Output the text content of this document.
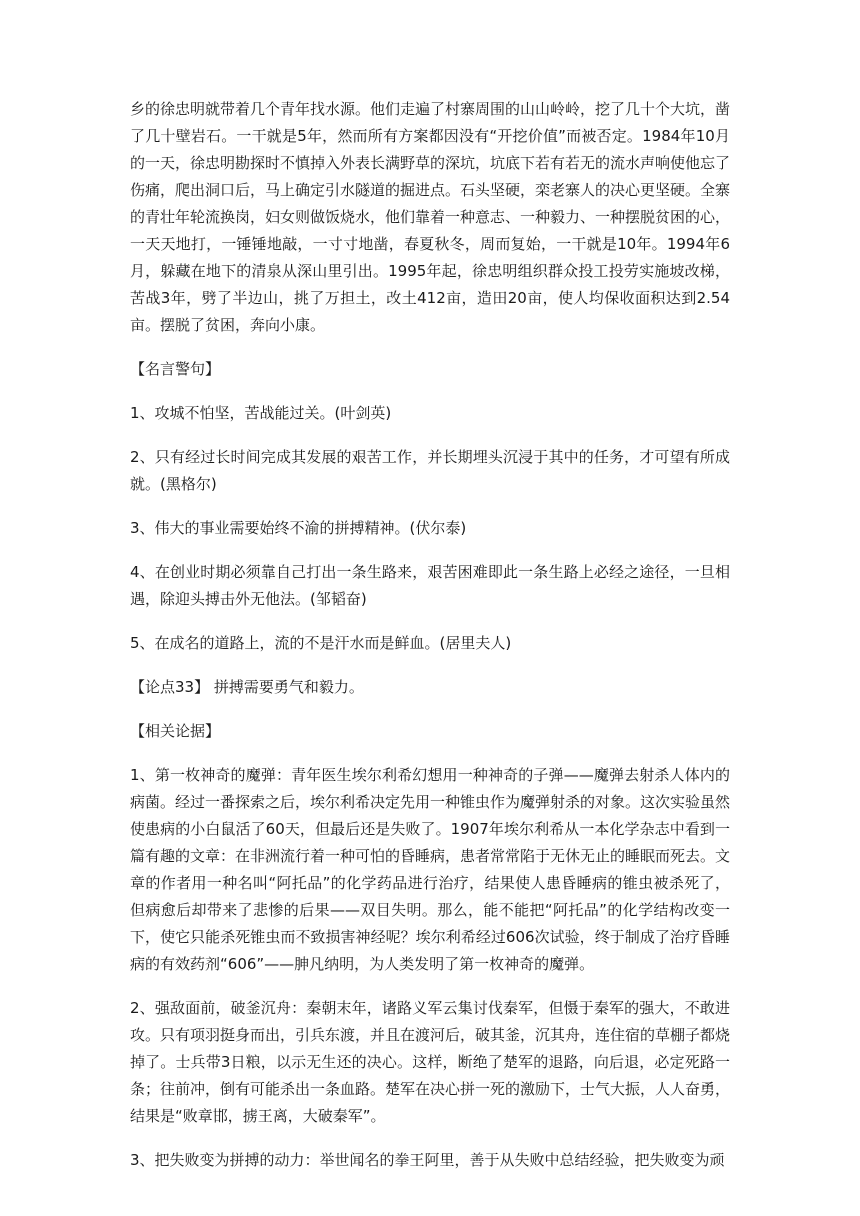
乡的徐忠明就带着几个青年找水源。他们走遍了村寨周围的山山岭岭，挖了几十个大坑，凿了几十壁岩石。一干就是5年，然而所有方案都因没有“开挖价值”而被否定。1984年10月的一天，徐忠明勘探时不慎掉入外表长满野草的深坑，坑底下若有若无的流水声响使他忘了伤痛，爬出洞口后，马上确定引水隧道的掘进点。石头坚硬，栾老寨人的决心更坚硬。全寨的青壮年轮流换岗，妇女则做饭烧水，他们靠着一种意志、一种毅力、一种摆脱贫困的心，一天天地打，一锤锤地敲，一寸寸地凿，春夏秋冬，周而复始，一干就是10年。1994年6月，躲藏在地下的清泉从深山里引出。1995年起，徐忠明组织群众投工投劳实施坡改梯，苦战3年，劈了半边山，挑了万担土，改土412亩，造田20亩，使人均保收面积达到2.54亩。摆脱了贫困，奔向小康。

【名言警句】

1、攻城不怕坚，苦战能过关。(叶剑英)

2、只有经过长时间完成其发展的艰苦工作，并长期埋头沉浸于其中的任务，才可望有所成就。(黑格尔)

3、伟大的事业需要始终不渝的拼搏精神。(伏尔泰)

4、在创业时期必须靠自己打出一条生路来，艰苦困难即此一条生路上必经之途径，一旦相遇，除迎头搏击外无他法。(邹韬奋)

5、在成名的道路上，流的不是汗水而是鲜血。(居里夫人)

【论点33】 拼搏需要勇气和毅力。

【相关论据】

1、第一枚神奇的魔弹：青年医生埃尔利希幻想用一种神奇的子弹——魔弹去射杀人体内的病菌。经过一番探索之后，埃尔利希决定先用一种锥虫作为魔弹射杀的对象。这次实验虽然使患病的小白鼠活了60天，但最后还是失败了。1907年埃尔利希从一本化学杂志中看到一篇有趣的文章：在非洲流行着一种可怕的昏睡病，患者常常陷于无休无止的睡眠而死去。文章的作者用一种名叫“阿托品”的化学药品进行治疗，结果使人患昏睡病的锥虫被杀死了，但病愈后却带来了悲惨的后果——双目失明。那么，能不能把“阿托品”的化学结构改变一下，使它只能杀死锥虫而不致损害神经呢？埃尔利希经过606次试验，终于制成了治疗昏睡病的有效药剂“606”——胂凡纳明，为人类发明了第一枚神奇的魔弹。

2、强敌面前，破釜沉舟：秦朝末年，诸路义军云集讨伐秦军，但慑于秦军的强大，不敢进攻。只有项羽挺身而出，引兵东渡，并且在渡河后，破其釜，沉其舟，连住宿的草棚子都烧掉了。士兵带3日粮，以示无生还的决心。这样，断绝了楚军的退路，向后退，必定死路一条；往前冲，倒有可能杀出一条血路。楚军在决心拼一死的激励下，士气大振，人人奋勇，结果是“败章邯，掳王离，大破秦军”。

3、把失败变为拼搏的动力：举世闻名的拳王阿里，善于从失败中总结经验，把失败变为顽
